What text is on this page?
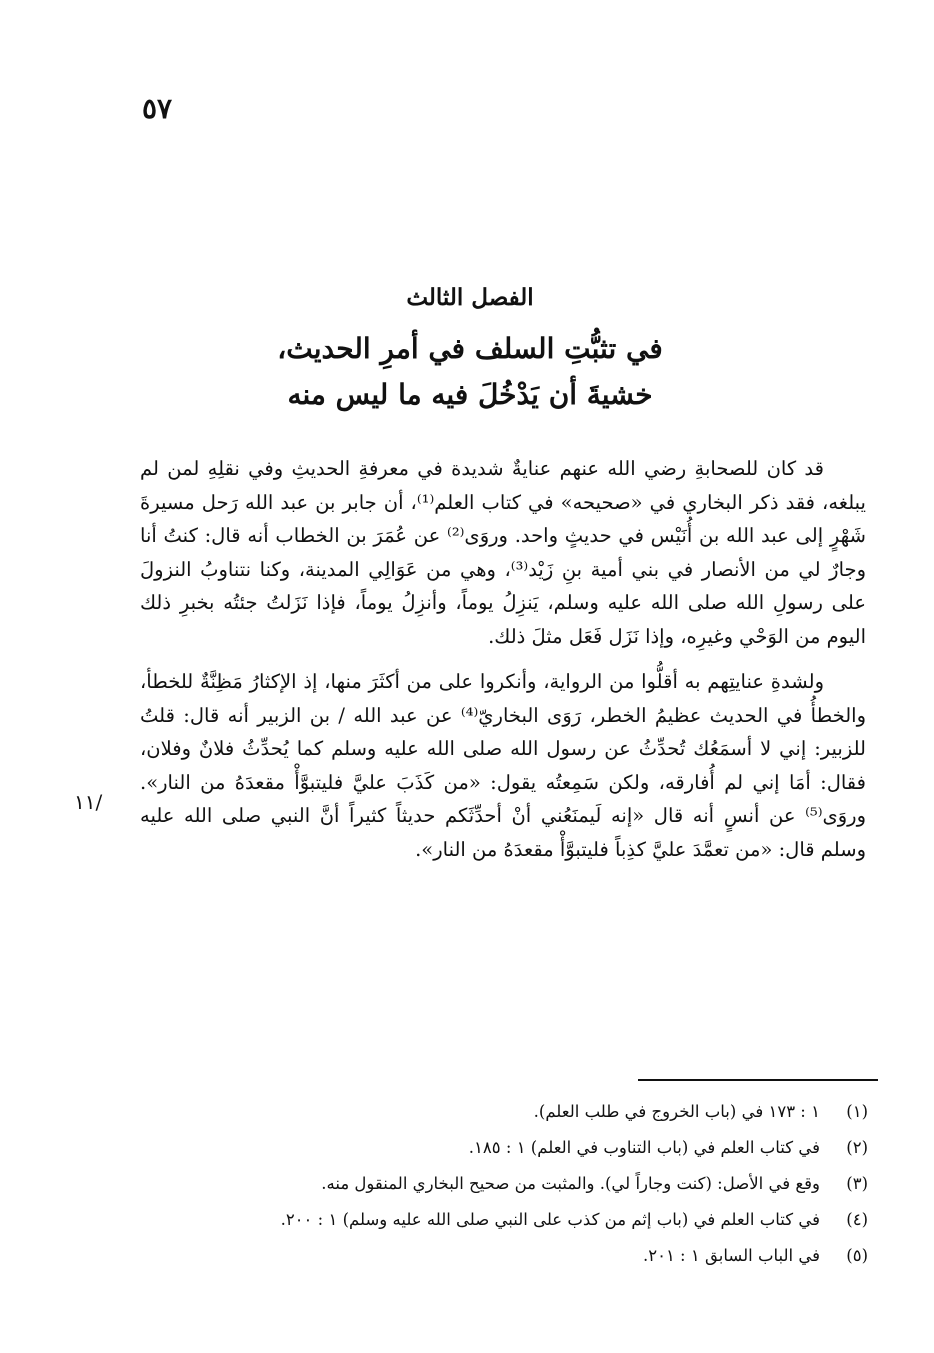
٥٧
الفصل الثالث
في تثبُّتِ السلف في أمرِ الحديث،
خشيةَ أن يَدْخُلَ فيه ما ليس منه

قد كان للصحابةِ رضي الله عنهم عنايةٌ شديدة في معرفةِ الحديثِ وفي نقلِهِ لمن لم يبلغه، فقد ذكر البخاري في «صحيحه» في كتاب العلم⁽¹⁾، أن جابر بن عبد الله رَحل مسيرةَ شَهْرٍ إلى عبد الله بن أُنَيْس في حديثٍ واحد. وروَى⁽²⁾ عن عُمَرَ بن الخطاب أنه قال: كنتُ أنا وجارٌ لي من الأنصار في بني أمية بنِ زَيْد⁽³⁾، وهي من عَوَالِي المدينة، وكنا نتناوبُ النزولَ على رسولِ الله صلى الله عليه وسلم، يَنزِلُ يوماً، وأنزِلُ يوماً، فإذا نَزَلتُ جئتُه بخبرِ ذلك اليوم من الوَحْي وغيرِه، وإذا نَزَل فَعَل مثلَ ذلك.

ولشدةِ عنايتِهم به أقلُّوا من الرواية، وأنكروا على من أكثَرَ منها، إذ الإكثارُ مَظِنَّةٌ للخطأ، والخطأُ في الحديث عظيمُ الخطر، رَوَى البخاريّ⁽⁴⁾ عن عبد الله / بن الزبير أنه قال: قلتُ للزبير: إني لا أسمَعُك تُحدِّثُ عن رسول الله صلى الله عليه وسلم كما يُحدِّثُ فلانٌ وفلان، فقال: أمَا إني لم أُفارقه، ولكن سَمِعتُه يقول: «من كَذَبَ عليَّ فليتبوَّأْ مقعدَهُ من النار». وروَى⁽⁵⁾ عن أنسٍ أنه قال «إنه لَيمنَعُني أنْ أحدِّثَكم حديثاً كثيراً أنَّ النبي صلى الله عليه وسلم قال: «من تعمَّدَ عليَّ كذِباً فليتبوَّأْ مقعدَهُ من النار».

١١/
(١)١ : ١٧٣ في (باب الخروج في طلب العلم).
(٢)في كتاب العلم في (باب التناوب في العلم) ١ : ١٨٥.
(٣)وقع في الأصل: (كنت وجاراً لي). والمثبت من صحيح البخاري المنقول منه.
(٤)في كتاب العلم في (باب إثم من كذب على النبي صلى الله عليه وسلم) ١ : ٢٠٠.
(٥)في الباب السابق ١ : ٢٠١.
